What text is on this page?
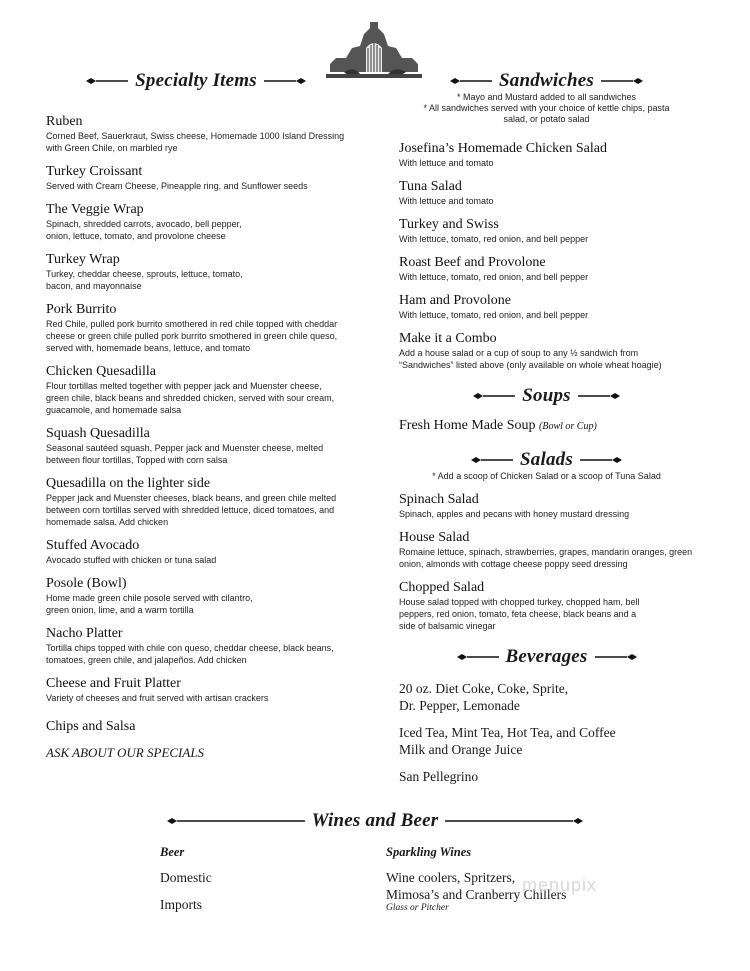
Specialty Items
Ruben
Corned Beef, Sauerkraut, Swiss cheese, Homemade 1000 Island Dressing with Green Chile, on marbled rye
Turkey Croissant
Served with Cream Cheese, Pineapple ring, and Sunflower seeds
The Veggie Wrap
Spinach, shredded carrots, avocado, bell pepper, onion, lettuce, tomato, and provolone cheese
Turkey Wrap
Turkey, cheddar cheese, sprouts, lettuce, tomato, bacon, and mayonnaise
Pork Burrito
Red Chile, pulled pork burrito smothered in red chile topped with cheddar cheese or green chile pulled pork burrito smothered in green chile queso, served with, homemade beans, lettuce, and tomato
Chicken Quesadilla
Flour tortillas melted together with pepper jack and Muenster cheese, green chile, black beans and shredded chicken, served with sour cream, guacamole, and homemade salsa
Squash Quesadilla
Seasonal sautéed squash, Pepper jack and Muenster cheese, melted between flour tortillas, Topped with corn salsa
Quesadilla on the lighter side
Pepper jack and Muenster cheeses, black beans, and green chile melted between corn tortillas served with shredded lettuce, diced tomatoes, and homemade salsa. Add chicken
Stuffed Avocado
Avocado stuffed with chicken or tuna salad
Posole (Bowl)
Home made green chile posole served with cilantro, green onion, lime, and a warm tortilla
Nacho Platter
Tortilla chips topped with chile con queso, cheddar cheese, black beans, tomatoes, green chile, and jalapeños. Add chicken
Cheese and Fruit Platter
Variety of cheeses and fruit served with artisan crackers
Chips and Salsa
ASK ABOUT OUR SPECIALS
Sandwiches
* Mayo and Mustard added to all sandwiches
* All sandwiches served with your choice of kettle chips, pasta salad, or potato salad
Josefina’s Homemade Chicken Salad
With lettuce and tomato
Tuna Salad
With lettuce and tomato
Turkey and Swiss
With lettuce, tomato, red onion, and bell pepper
Roast Beef and Provolone
With lettuce, tomato, red onion, and bell pepper
Ham and Provolone
With lettuce, tomato, red onion, and bell pepper
Make it a Combo
Add a house salad or a cup of soup to any ½ sandwich from “Sandwiches” listed above (only available on whole wheat hoagie)
Soups
Fresh Home Made Soup (Bowl or Cup)
Salads
* Add a scoop of Chicken Salad or a scoop of Tuna Salad
Spinach Salad
Spinach, apples and pecans with honey mustard dressing
House Salad
Romaine lettuce, spinach, strawberries, grapes, mandarin oranges, green onion, almonds with cottage cheese poppy seed dressing
Chopped Salad
House salad topped with chopped turkey, chopped ham, bell peppers, red onion, tomato, feta cheese, black beans and a side of balsamic vinegar
Beverages
20 oz. Diet Coke, Coke, Sprite,
Dr. Pepper, Lemonade
Iced Tea, Mint Tea, Hot Tea, and Coffee
Milk and Orange Juice
San Pellegrino
Wines and Beer
Beer
Domestic
Imports
Sparkling Wines
Wine coolers, Spritzers,
Mimosa’s and Cranberry Chillers
Glass or Pitcher
menupix
